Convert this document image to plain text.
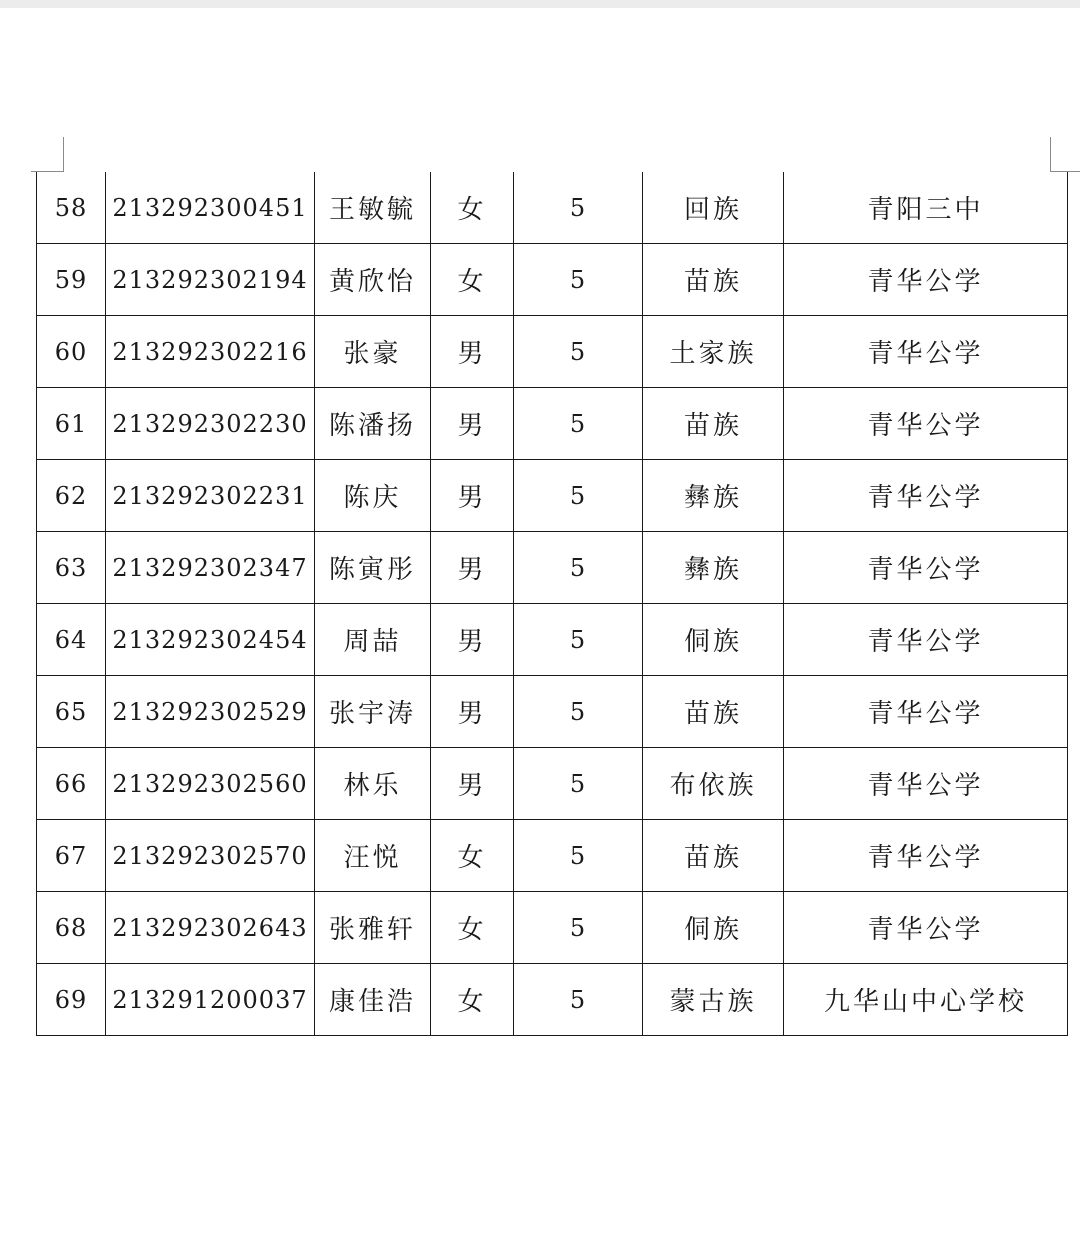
58	213292300451	王敏毓	女	5	回族	青阳三中
59	213292302194	黄欣怡	女	5	苗族	青华公学
60	213292302216	张豪	男	5	土家族	青华公学
61	213292302230	陈潘扬	男	5	苗族	青华公学
62	213292302231	陈庆	男	5	彝族	青华公学
63	213292302347	陈寅彤	男	5	彝族	青华公学
64	213292302454	周喆	男	5	侗族	青华公学
65	213292302529	张宇涛	男	5	苗族	青华公学
66	213292302560	林乐	男	5	布依族	青华公学
67	213292302570	汪悦	女	5	苗族	青华公学
68	213292302643	张雅轩	女	5	侗族	青华公学
69	213291200037	康佳浩	女	5	蒙古族	九华山中心学校
